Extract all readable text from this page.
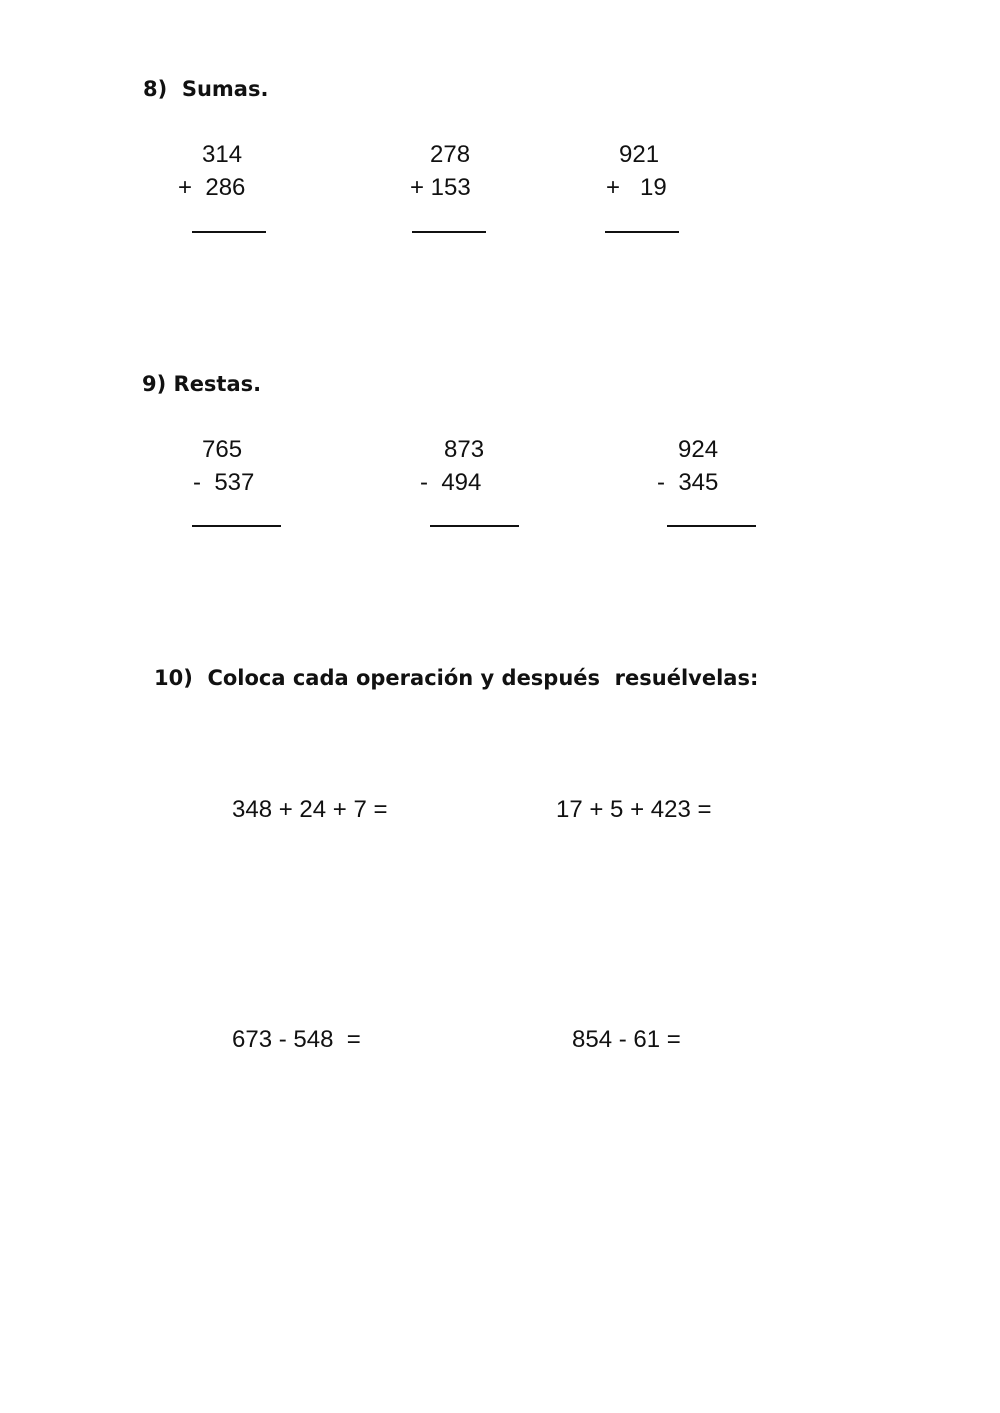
8)  Sumas.
314
+  286
278
+ 153
921
+   19
9) Restas.
765
-  537
873
-  494
924
-  345
10)  Coloca cada operación y después  resuélvelas:
348 + 24 + 7 =	17 + 5 + 423 =
673 - 548  =	854 - 61 =
